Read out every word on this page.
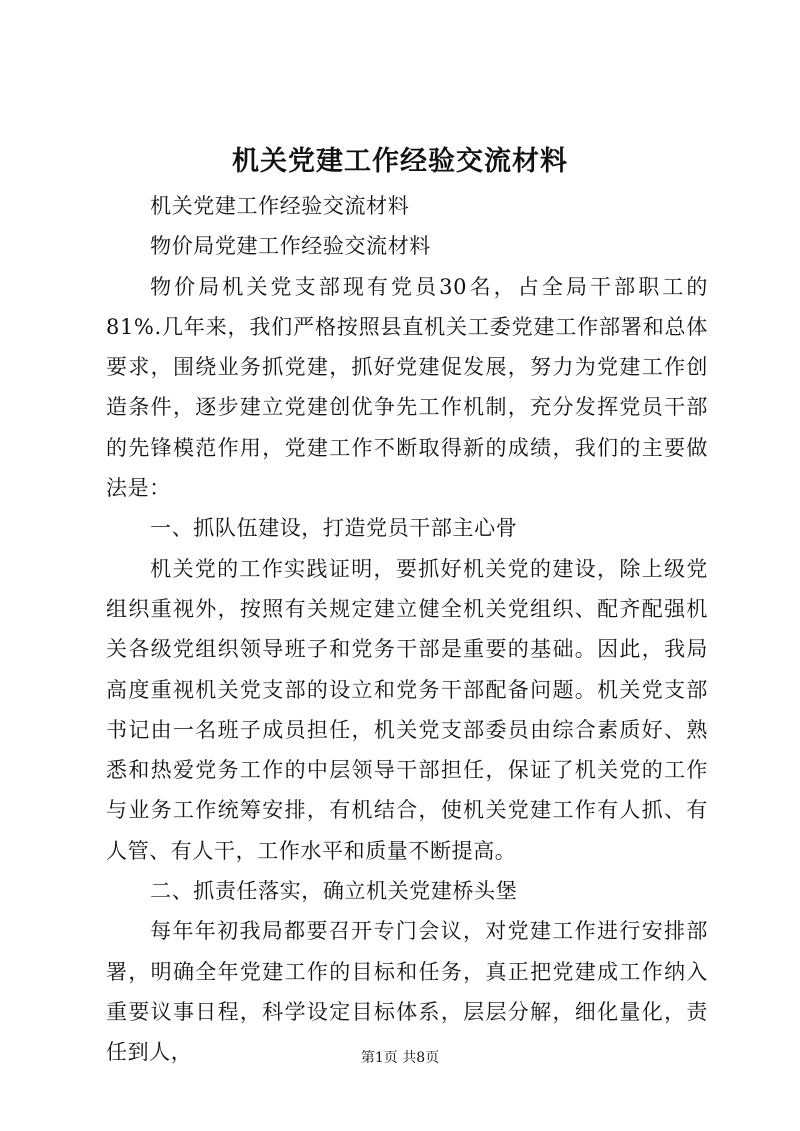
机关党建工作经验交流材料

机关党建工作经验交流材料

物价局党建工作经验交流材料

物价局机关党支部现有党员30名，占全局干部职工的81%.几年来，我们严格按照县直机关工委党建工作部署和总体要求，围绕业务抓党建，抓好党建促发展，努力为党建工作创造条件，逐步建立党建创优争先工作机制，充分发挥党员干部的先锋模范作用，党建工作不断取得新的成绩，我们的主要做法是：

一、抓队伍建设，打造党员干部主心骨

机关党的工作实践证明，要抓好机关党的建设，除上级党组织重视外，按照有关规定建立健全机关党组织、配齐配强机关各级党组织领导班子和党务干部是重要的基础。因此，我局高度重视机关党支部的设立和党务干部配备问题。机关党支部书记由一名班子成员担任，机关党支部委员由综合素质好、熟悉和热爱党务工作的中层领导干部担任，保证了机关党的工作与业务工作统筹安排，有机结合，使机关党建工作有人抓、有人管、有人干，工作水平和质量不断提高。

二、抓责任落实，确立机关党建桥头堡

每年年初我局都要召开专门会议，对党建工作进行安排部署，明确全年党建工作的目标和任务，真正把党建成工作纳入重要议事日程，科学设定目标体系，层层分解，细化量化，责任到人，	第1页 共8页
